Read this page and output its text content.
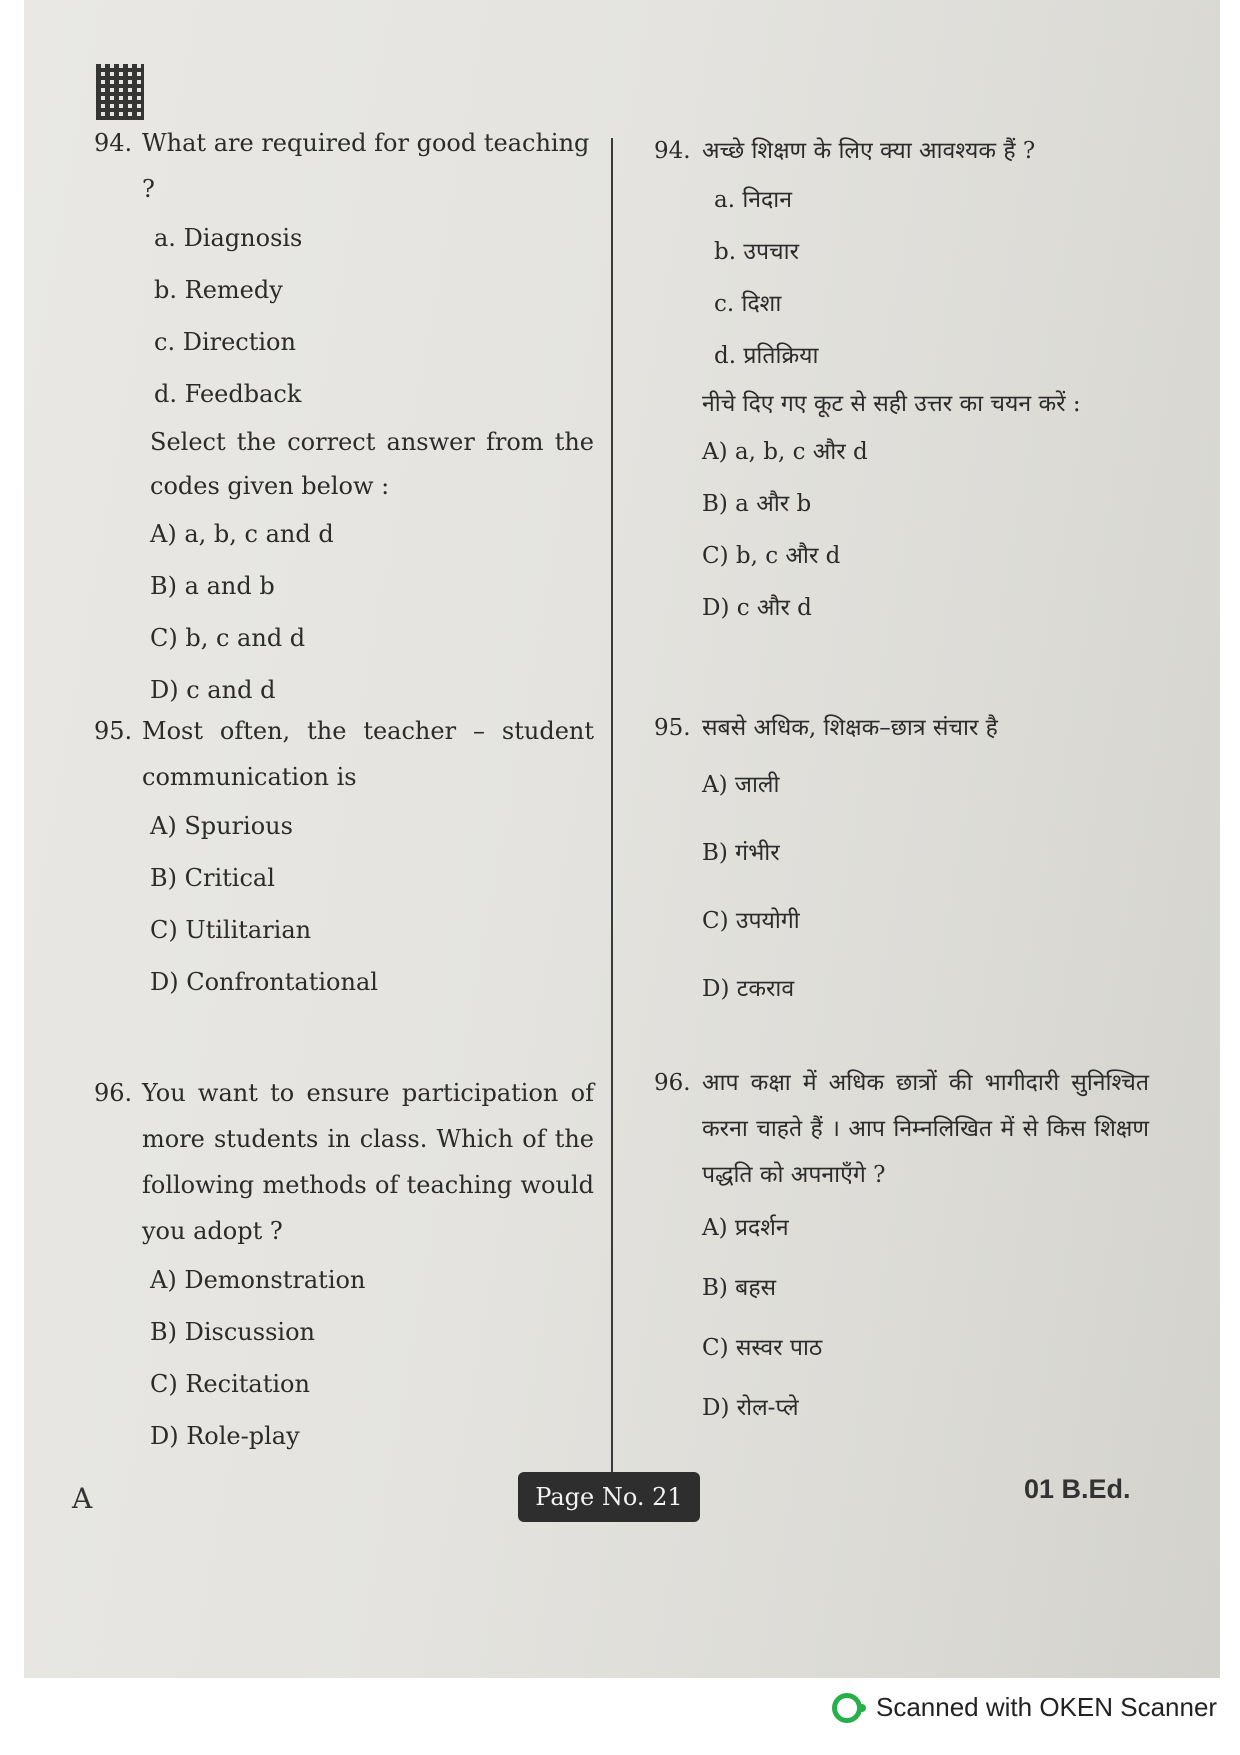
94. What are required for good teaching ?
a. Diagnosis
b. Remedy
c. Direction
d. Feedback
Select the correct answer from the codes given below :
A) a, b, c and d
B) a and b
C) b, c and d
D) c and d
95. Most often, the teacher – student communication is
A) Spurious
B) Critical
C) Utilitarian
D) Confrontational
96. You want to ensure participation of more students in class. Which of the following methods of teaching would you adopt ?
A) Demonstration
B) Discussion
C) Recitation
D) Role-play
94. अच्छे शिक्षण के लिए क्या आवश्यक हैं ?
a. निदान
b. उपचार
c. दिशा
d. प्रतिक्रिया
नीचे दिए गए कूट से सही उत्तर का चयन करें :
A) a, b, c और d
B) a और b
C) b, c और d
D) c और d
95. सबसे अधिक, शिक्षक–छात्र संचार है
A) जाली
B) गंभीर
C) उपयोगी
D) टकराव
96. आप कक्षा में अधिक छात्रों की भागीदारी सुनिश्चित करना चाहते हैं । आप निम्नलिखित में से किस शिक्षण पद्धति को अपनाएँगे ?
A) प्रदर्शन
B) बहस
C) सस्वर पाठ
D) रोल-प्ले
A	Page No. 21	01 B.Ed.
Scanned with OKEN Scanner
